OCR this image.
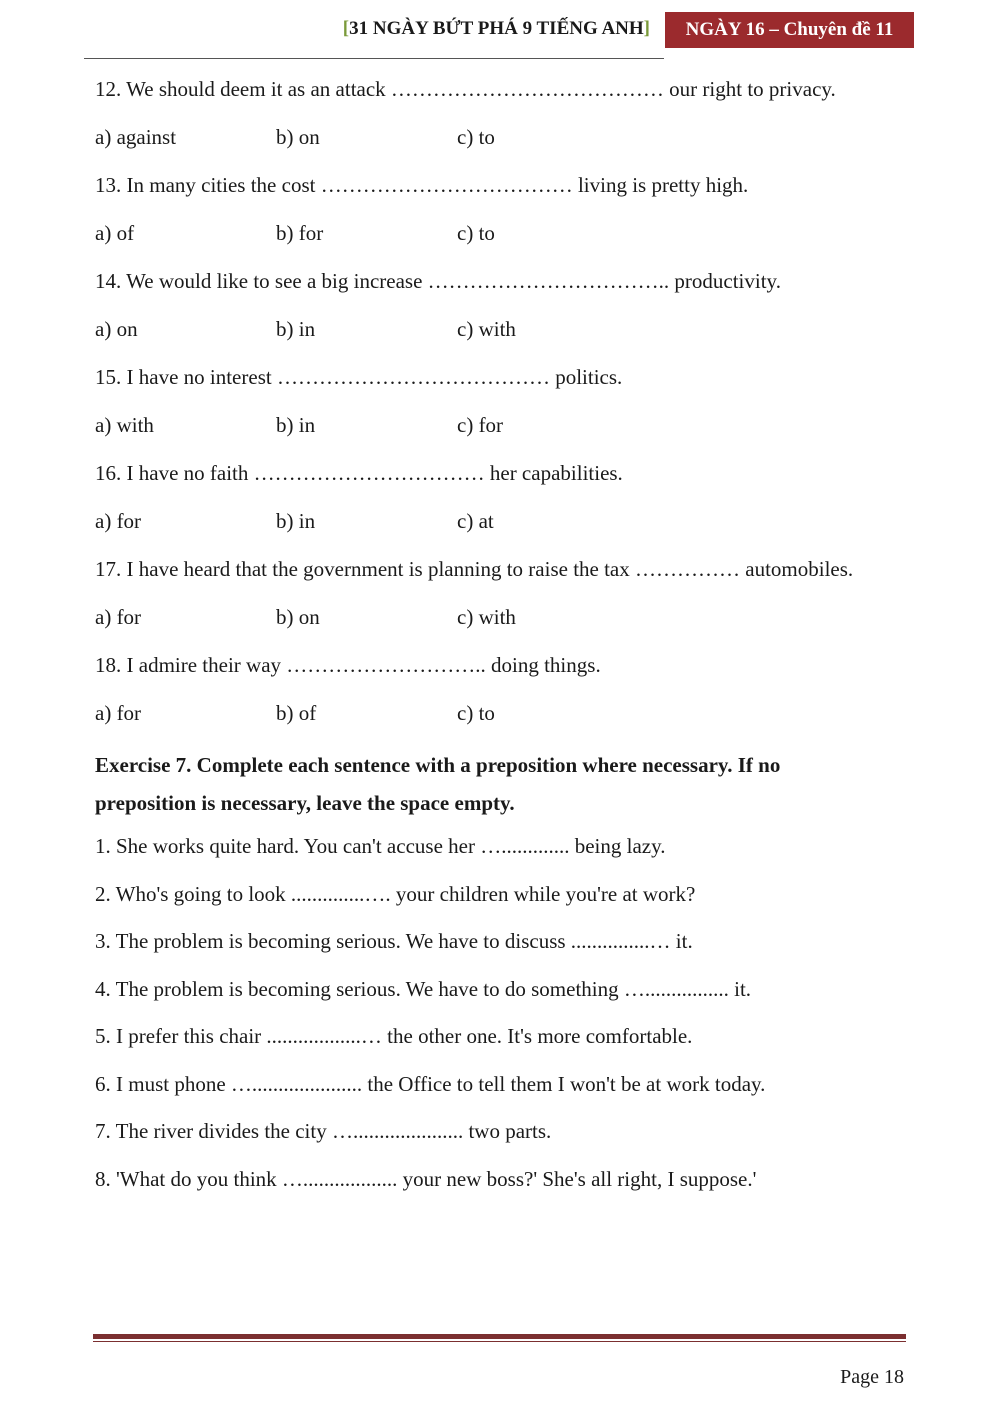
[31 NGÀY BỨT PHÁ 9 TIẾNG ANH]	NGÀY 16 – Chuyên đề 11
12. We should deem it as an attack ………………………………… our right to privacy.
a) against	b) on	c) to
13. In many cities the cost ……………………………… living is pretty high.
a) of	b) for	c) to
14. We would like to see a big increase …………………………….. productivity.
a) on	b) in	c) with
15. I have no interest ………………………………… politics.
a) with	b) in	c) for
16. I have no faith …………………………… her capabilities.
a) for	b) in	c) at
17. I have heard that the government is planning to raise the tax …………… automobiles.
a) for	b) on	c) with
18. I admire their way ……………………….. doing things.
a) for	b) of	c) to
Exercise 7. Complete each sentence with a preposition where necessary. If no preposition is necessary, leave the space empty.
1. She works quite hard. You can't accuse her …............. being lazy.
2. Who's going to look ..............…. your children while you're at work?
3. The problem is becoming serious. We have to discuss ...............… it.
4. The problem is becoming serious. We have to do something …................ it.
5. I prefer this chair ..................… the other one. It's more comfortable.
6. I must phone …..................... the Office to tell them I won't be at work today.
7. The river divides the city …..................... two parts.
8. 'What do you think ….................. your new boss?' She's all right, I suppose.'
Page 18
